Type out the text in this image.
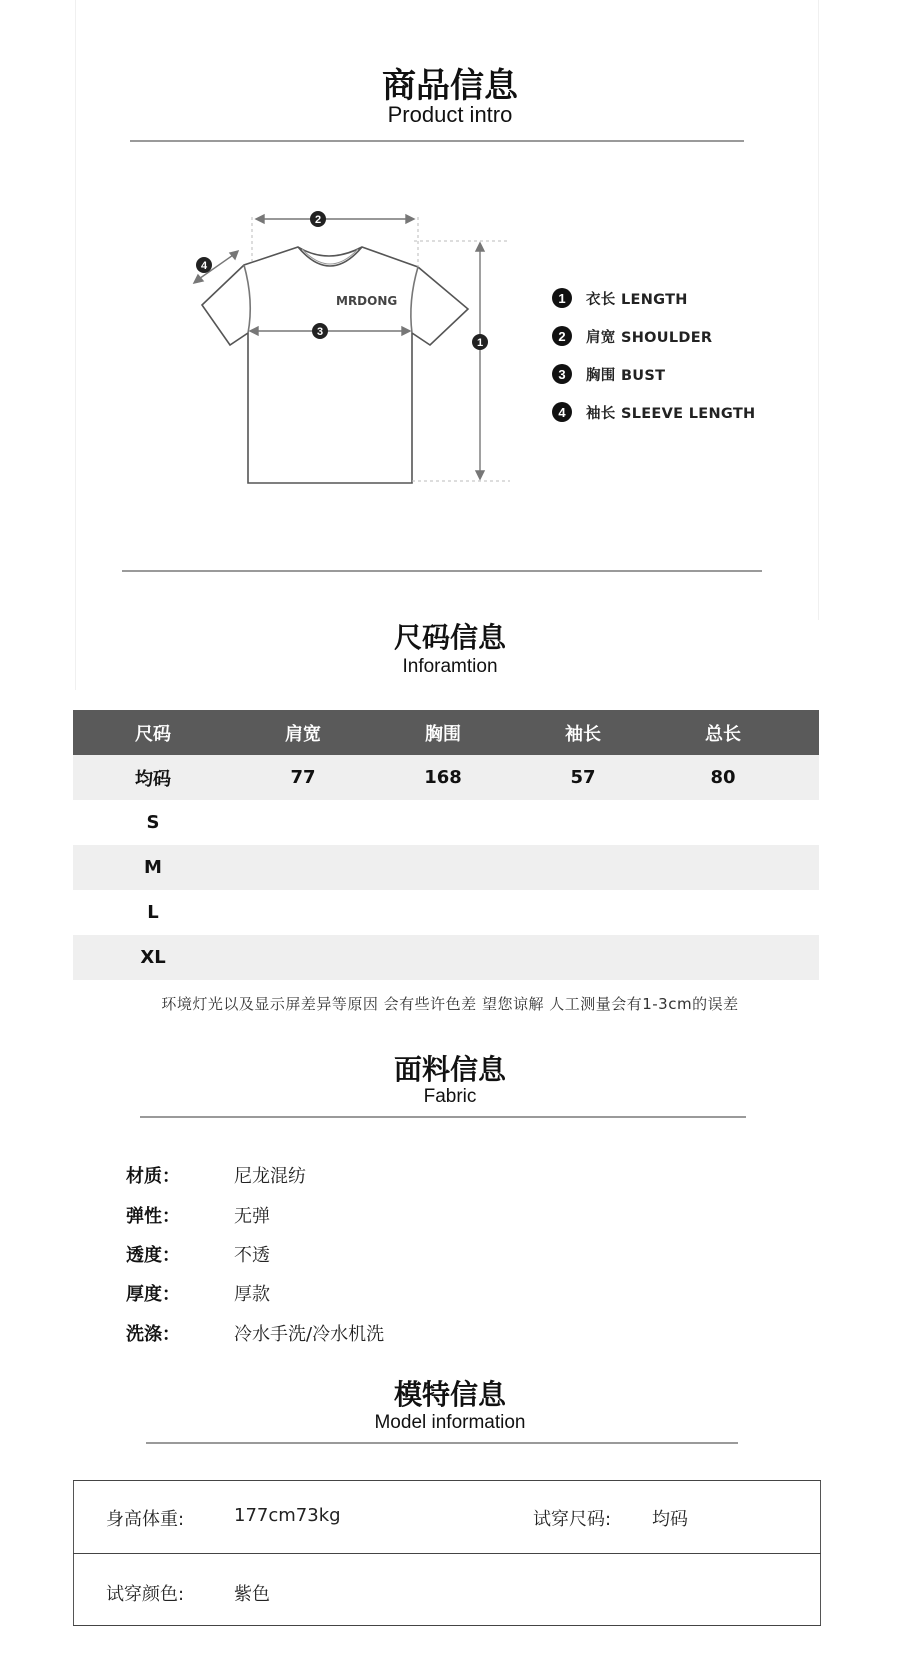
商品信息
Product intro
2
3
1
4
MRDONG	1	衣长 LENGTH
2	肩宽 SHOULDER
3	胸围 BUST
4	袖长 SLEEVE LENGTH
尺码信息
Inforamtion
尺码	肩宽	胸围	袖长	总长
均码	77	168	57	80
S
M
L
XL
环境灯光以及显示屏差异等原因 会有些许色差 望您谅解 人工测量会有1-3cm的误差
面料信息
Fabric
材质：	尼龙混纺
弹性：	无弹
透度：	不透
厚度：	厚款
洗涤：	冷水手洗/冷水机洗
模特信息
Model information
身高体重:	177cm73kg	试穿尺码: 均码
试穿颜色:	紫色
